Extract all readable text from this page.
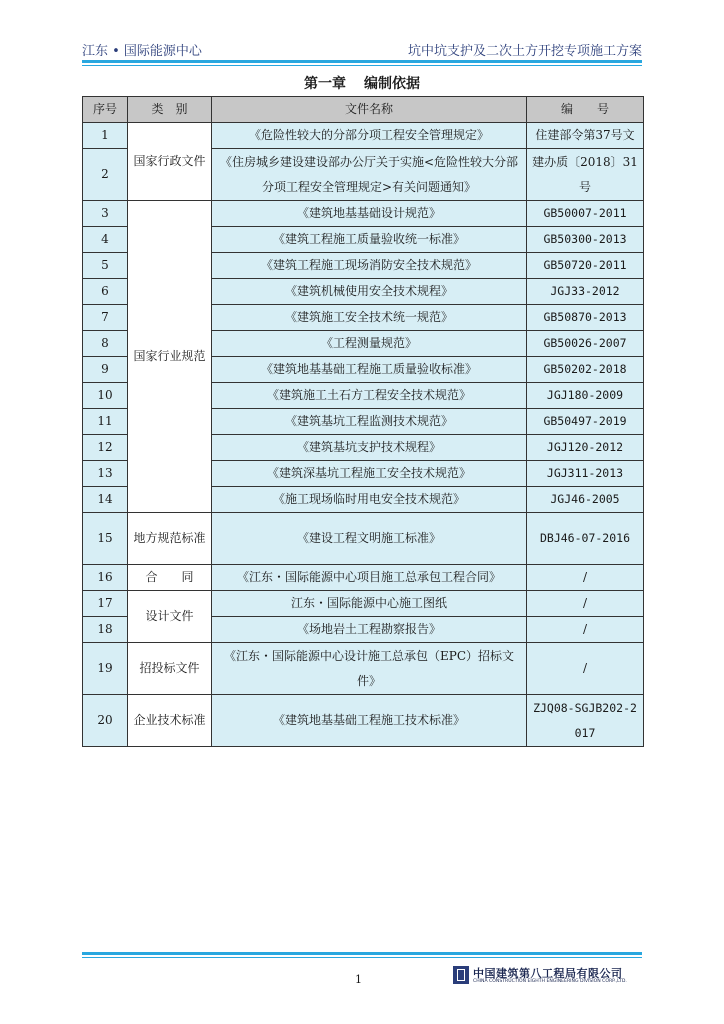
江东 • 国际能源中心	坑中坑支护及二次土方开挖专项施工方案
第一章 编制依据
序号	类　别	文件名称	编　　号
1	国家行政文件	《危险性较大的分部分项工程安全管理规定》	住建部令第37号文
2		《住房城乡建设建设部办公厅关于实施<危险性较大分部分项工程安全管理规定>有关问题通知》	建办质〔2018〕31号
3	国家行业规范	《建筑地基基础设计规范》	GB50007-2011
4		《建筑工程施工质量验收统一标准》	GB50300-2013
5		《建筑工程施工现场消防安全技术规范》	GB50720-2011
6		《建筑机械使用安全技术规程》	JGJ33-2012
7		《建筑施工安全技术统一规范》	GB50870-2013
8		《工程测量规范》	GB50026-2007
9		《建筑地基基础工程施工质量验收标准》	GB50202-2018
10		《建筑施工土石方工程安全技术规范》	JGJ180-2009
11		《建筑基坑工程监测技术规范》	GB50497-2019
12		《建筑基坑支护技术规程》	JGJ120-2012
13		《建筑深基坑工程施工安全技术规范》	JGJ311-2013
14		《施工现场临时用电安全技术规范》	JGJ46-2005
15	地方规范标准	《建设工程文明施工标准》	DBJ46-07-2016
16	合　　同	《江东・国际能源中心项目施工总承包工程合同》	/
17	设计文件	江东・国际能源中心施工图纸	/
18		《场地岩土工程勘察报告》	/
19	招投标文件	《江东・国际能源中心设计施工总承包（EPC）招标文件》	/
20	企业技术标准	《建筑地基基础工程施工技术标准》	ZJQ08-SGJB202-2017
1	中国建筑第八工程局有限公司
CHINA CONSTRUCTION EIGHTH ENGINEERING DIVISION CORP.,LTD.
